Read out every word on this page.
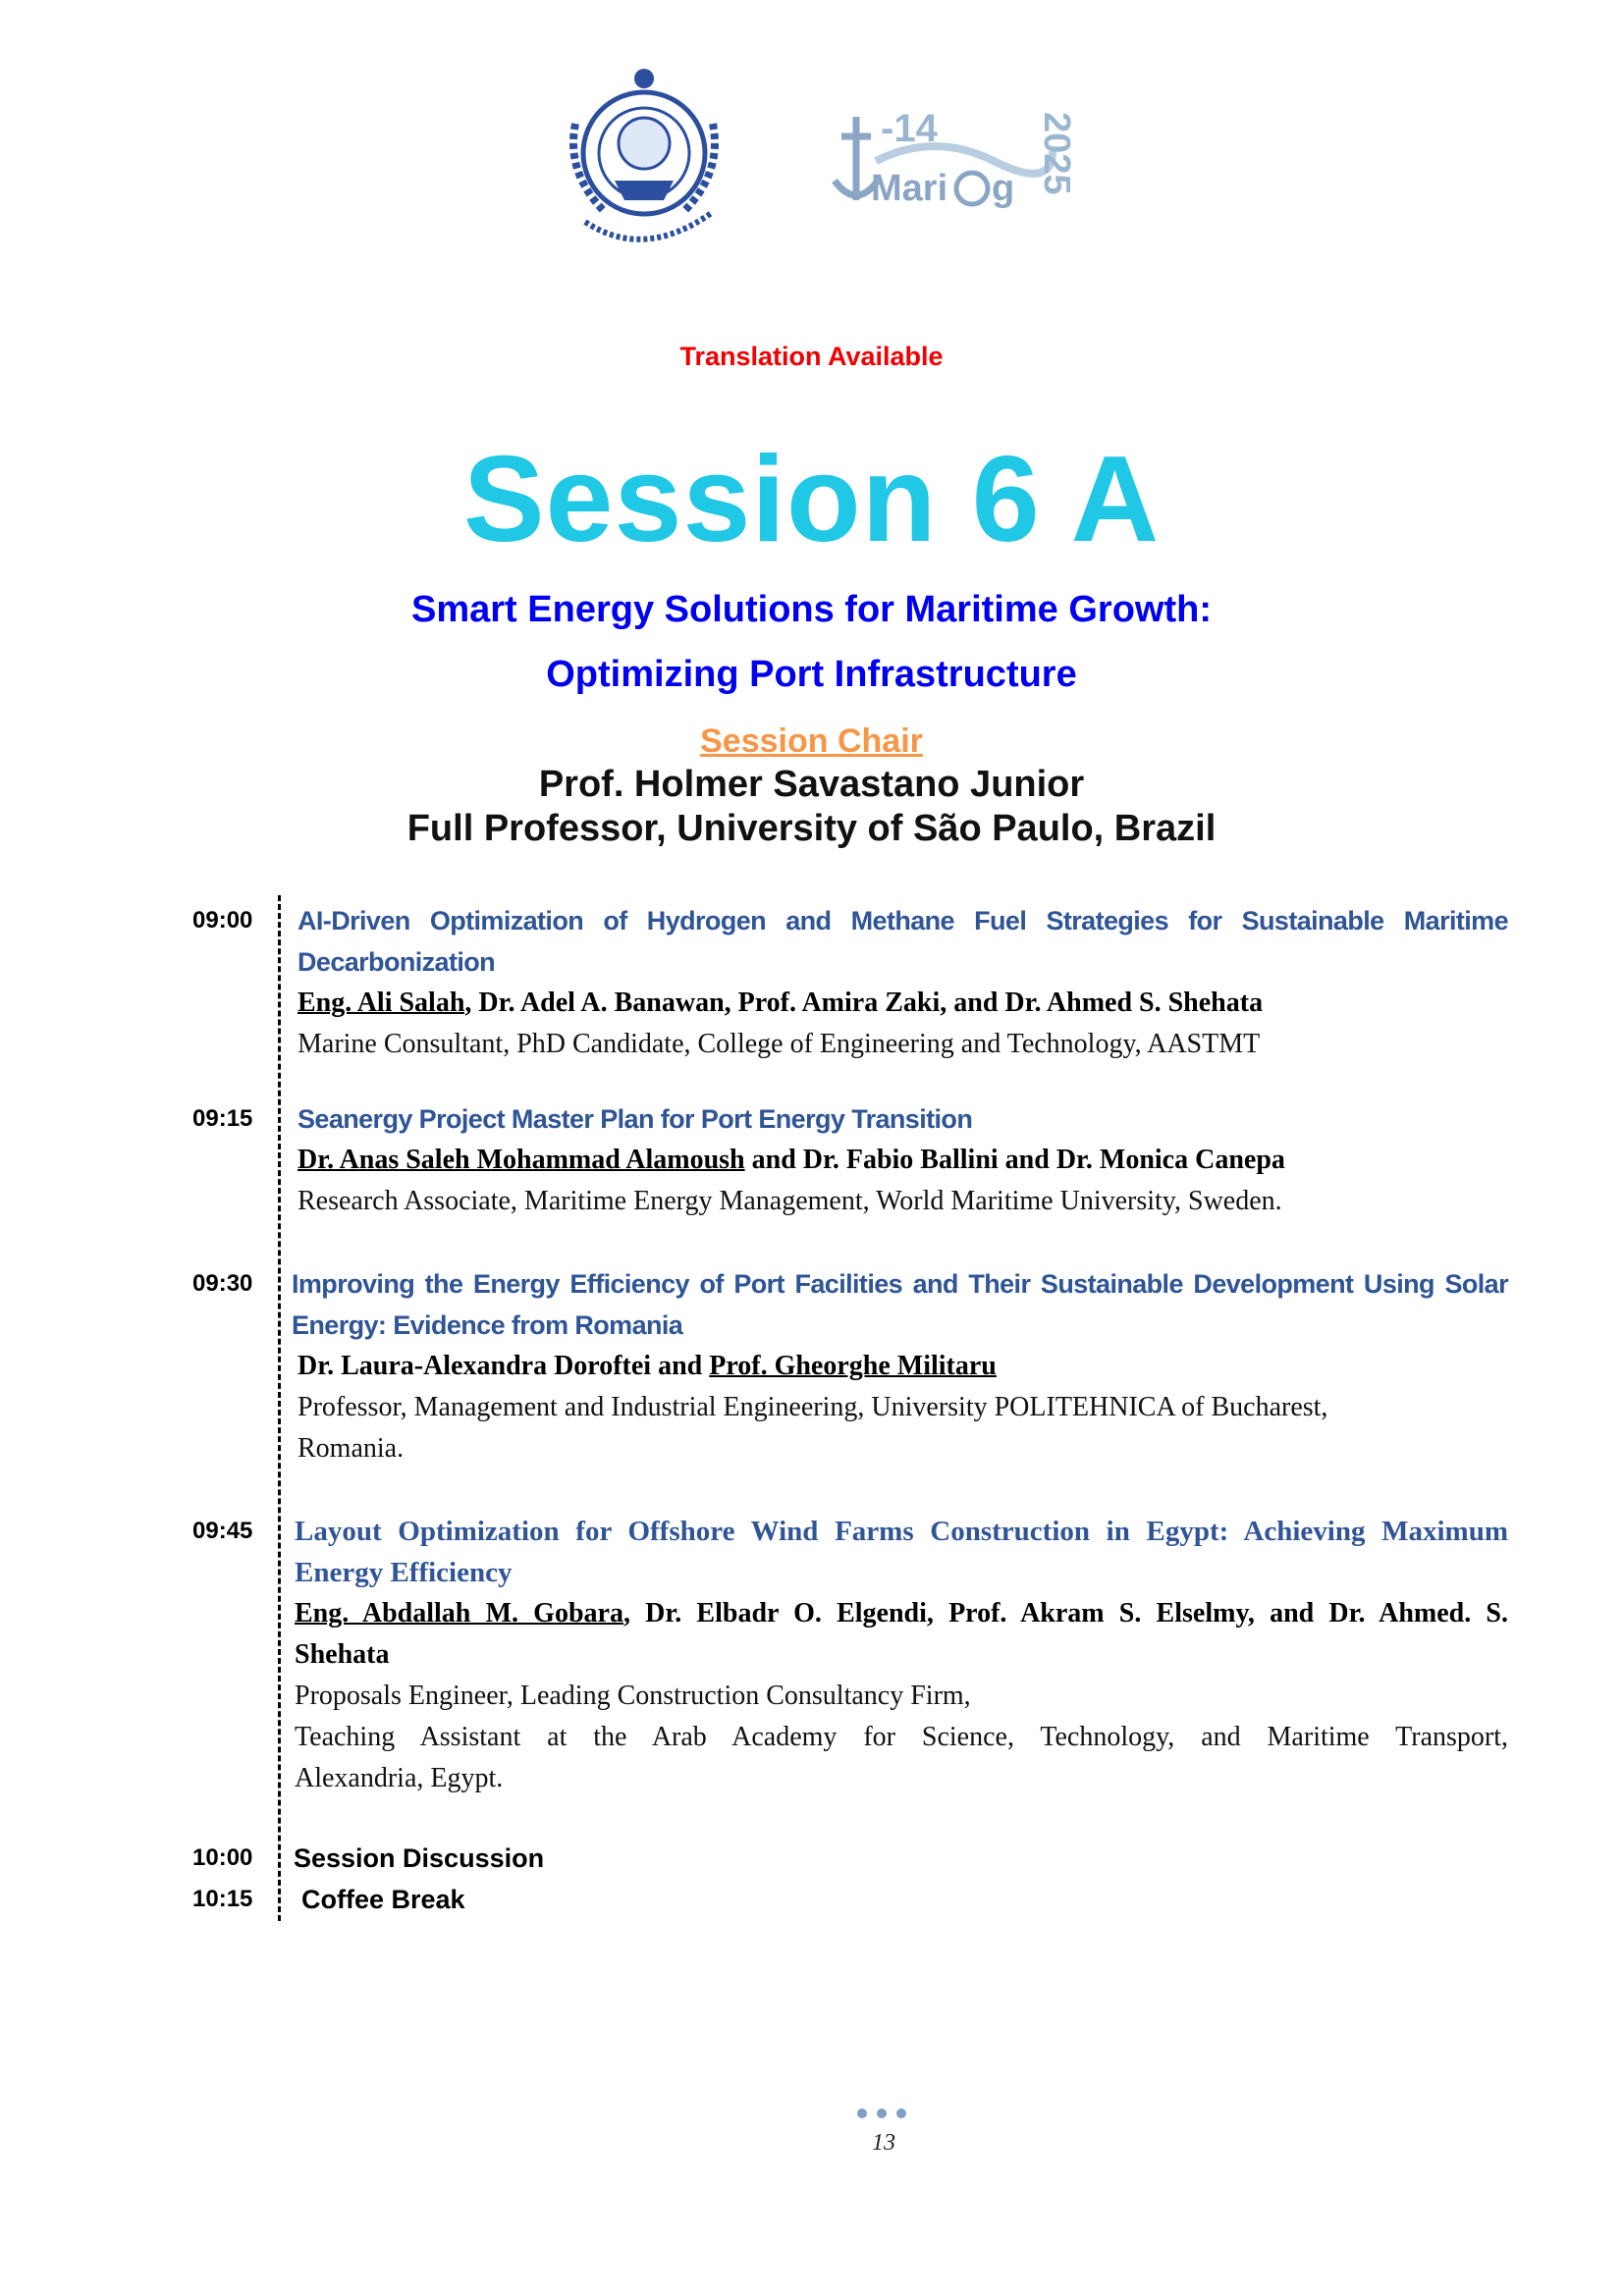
-14
Mari g 2025
Translation Available
Session 6 A
Smart Energy Solutions for Maritime Growth:
Optimizing Port Infrastructure
Session Chair
Prof. Holmer Savastano Junior
Full Professor, University of São Paulo, Brazil
09:00 AI-Driven Optimization of Hydrogen and Methane Fuel Strategies for Sustainable Maritime
Decarbonization
Eng. Ali Salah, Dr. Adel A. Banawan, Prof. Amira Zaki, and Dr. Ahmed S. Shehata
Marine Consultant, PhD Candidate, College of Engineering and Technology, AASTMT
09:15 Seanergy Project Master Plan for Port Energy Transition
Dr. Anas Saleh Mohammad Alamoush and Dr. Fabio Ballini and Dr. Monica Canepa
Research Associate, Maritime Energy Management, World Maritime University, Sweden.
09:30 Improving the Energy Efficiency of Port Facilities and Their Sustainable Development Using Solar
Energy: Evidence from Romania
Dr. Laura-Alexandra Doroftei and Prof. Gheorghe Militaru
Professor, Management and Industrial Engineering, University POLITEHNICA of Bucharest,
Romania.
09:45 Layout Optimization for Offshore Wind Farms Construction in Egypt: Achieving Maximum
Energy Efficiency
Eng. Abdallah M. Gobara, Dr. Elbadr O. Elgendi, Prof. Akram S. Elselmy, and Dr. Ahmed. S.
Shehata
Proposals Engineer, Leading Construction Consultancy Firm,
Teaching Assistant at the Arab Academy for Science, Technology, and Maritime Transport,
Alexandria, Egypt.
10:00 Session Discussion
10:15 Coffee Break
13
